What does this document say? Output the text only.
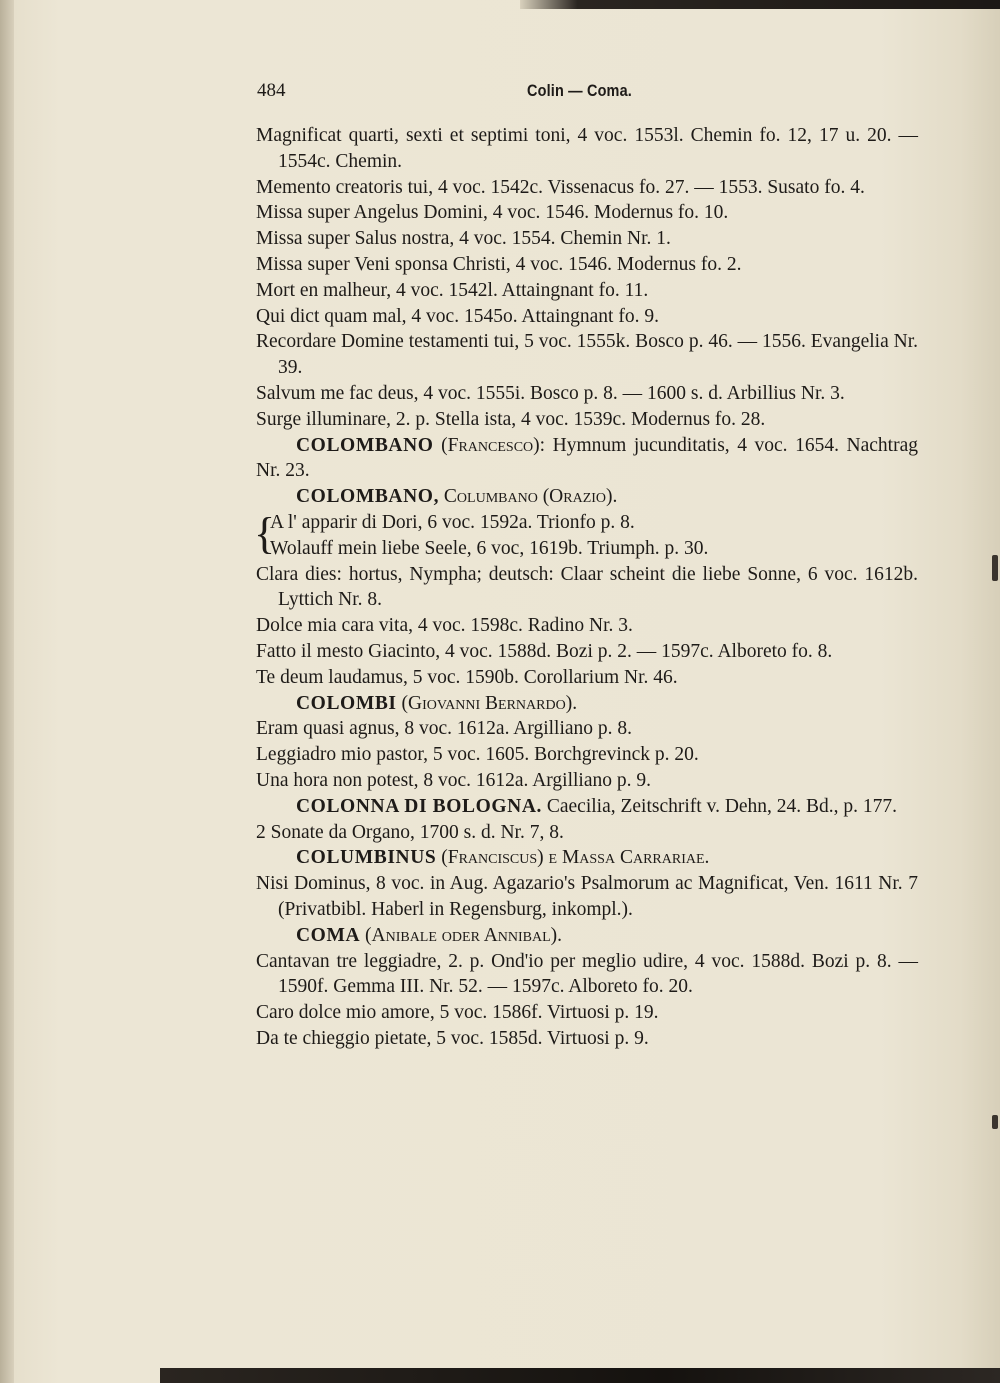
484	Colin — Coma.

Magnificat quarti, sexti et septimi toni, 4 voc. 1553l. Chemin fo. 12, 17 u. 20. — 1554c. Chemin.

Memento creatoris tui, 4 voc. 1542c. Vissenacus fo. 27. — 1553. Susato fo. 4.

Missa super Angelus Domini, 4 voc. 1546. Modernus fo. 10.

Missa super Salus nostra, 4 voc. 1554. Chemin Nr. 1.

Missa super Veni sponsa Christi, 4 voc. 1546. Modernus fo. 2.

Mort en malheur, 4 voc. 1542l. Attaingnant fo. 11.

Qui dict quam mal, 4 voc. 1545o. Attaingnant fo. 9.

Recordare Domine testamenti tui, 5 voc. 1555k. Bosco p. 46. — 1556. Evangelia Nr. 39.

Salvum me fac deus, 4 voc. 1555i. Bosco p. 8. — 1600 s. d. Arbillius Nr. 3.

Surge illuminare, 2. p. Stella ista, 4 voc. 1539c. Modernus fo. 28.

COLOMBANO (Francesco): Hymnum jucunditatis, 4 voc. 1654. Nachtrag Nr. 23.

COLOMBANO, Columbano (Orazio).

{

A l' apparir di Dori, 6 voc. 1592a. Trionfo p. 8.

Wolauff mein liebe Seele, 6 voc, 1619b. Triumph. p. 30.

Clara dies: hortus, Nympha; deutsch: Claar scheint die liebe Sonne, 6 voc. 1612b. Lyttich Nr. 8.

Dolce mia cara vita, 4 voc. 1598c. Radino Nr. 3.

Fatto il mesto Giacinto, 4 voc. 1588d. Bozi p. 2. — 1597c. Alboreto fo. 8.

Te deum laudamus, 5 voc. 1590b. Corollarium Nr. 46.

COLOMBI (Giovanni Bernardo).

Eram quasi agnus, 8 voc. 1612a. Argilliano p. 8.

Leggiadro mio pastor, 5 voc. 1605. Borchgrevinck p. 20.

Una hora non potest, 8 voc. 1612a. Argilliano p. 9.

COLONNA DI BOLOGNA. Caecilia, Zeitschrift v. Dehn, 24. Bd., p. 177.

2 Sonate da Organo, 1700 s. d. Nr. 7, 8.

COLUMBINUS (Franciscus) e Massa Carrariae.

Nisi Dominus, 8 voc. in Aug. Agazario's Psalmorum ac Magnificat, Ven. 1611 Nr. 7 (Privatbibl. Haberl in Regensburg, inkompl.).

COMA (Anibale oder Annibal).

Cantavan tre leggiadre, 2. p. Ond'io per meglio udire, 4 voc. 1588d. Bozi p. 8. — 1590f. Gemma III. Nr. 52. — 1597c. Alboreto fo. 20.

Caro dolce mio amore, 5 voc. 1586f. Virtuosi p. 19.

Da te chieggio pietate, 5 voc. 1585d. Virtuosi p. 9.
